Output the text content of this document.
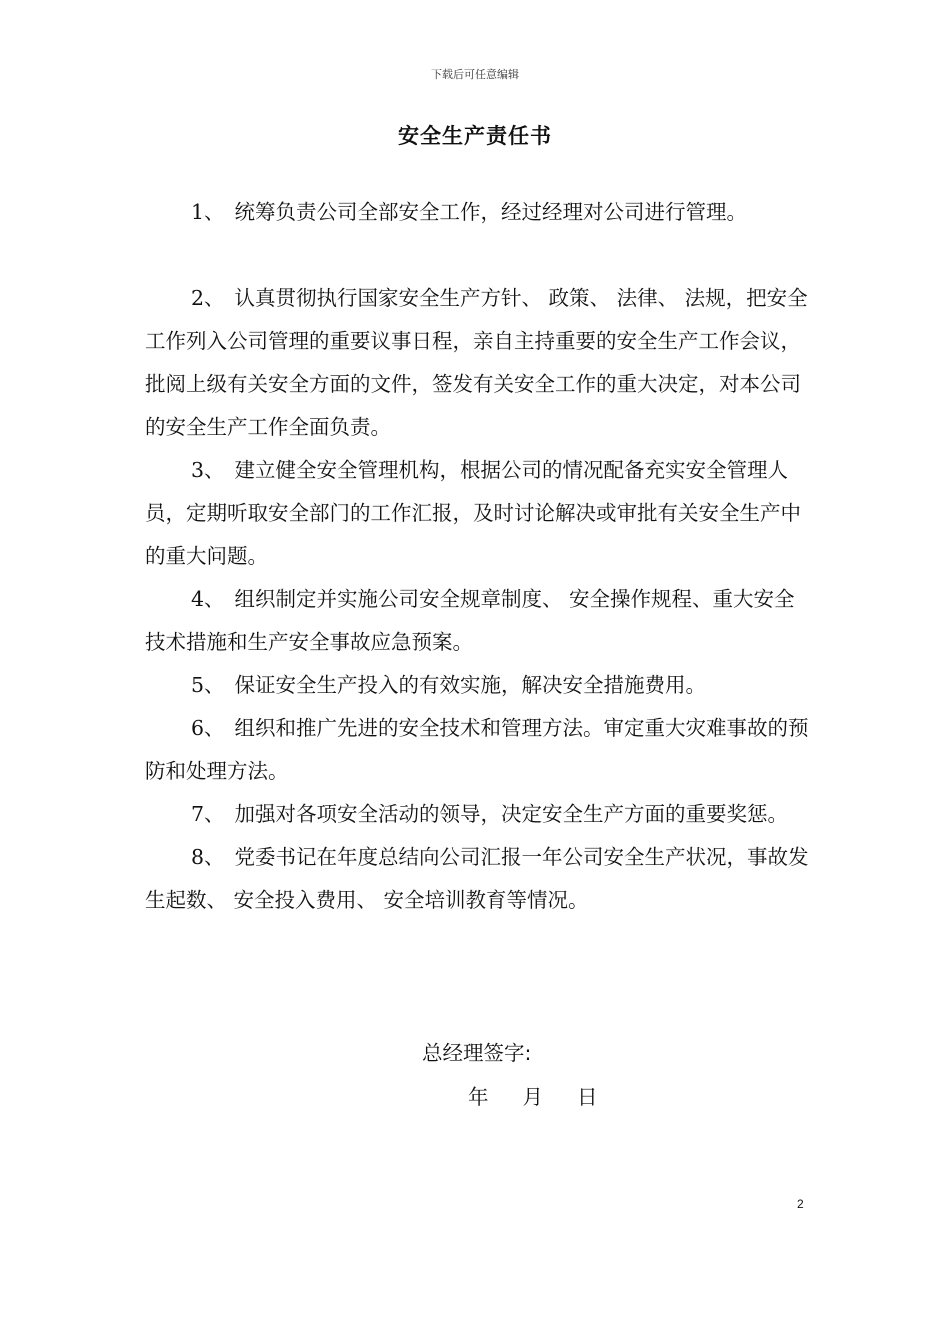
下载后可任意编辑
安全生产责任书

1、 统筹负责公司全部安全工作，经过经理对公司进行管理。

2、 认真贯彻执行国家安全生产方针、 政策、 法律、 法规，把安全工作列入公司管理的重要议事日程，亲自主持重要的安全生产工作会议，批阅上级有关安全方面的文件，签发有关安全工作的重大决定，对本公司的安全生产工作全面负责。

3、 建立健全安全管理机构，根据公司的情况配备充实安全管理人员，定期听取安全部门的工作汇报，及时讨论解决或审批有关安全生产中的重大问题。

4、 组织制定并实施公司安全规章制度、 安全操作规程、重大安全技术措施和生产安全事故应急预案。

5、 保证安全生产投入的有效实施，解决安全措施费用。

6、 组织和推广先进的安全技术和管理方法。审定重大灾难事故的预防和处理方法。

7、 加强对各项安全活动的领导，决定安全生产方面的重要奖惩。

8、 党委书记在年度总结向公司汇报一年公司安全生产状况，事故发生起数、 安全投入费用、 安全培训教育等情况。

总经理签字:
年 月 日
2
